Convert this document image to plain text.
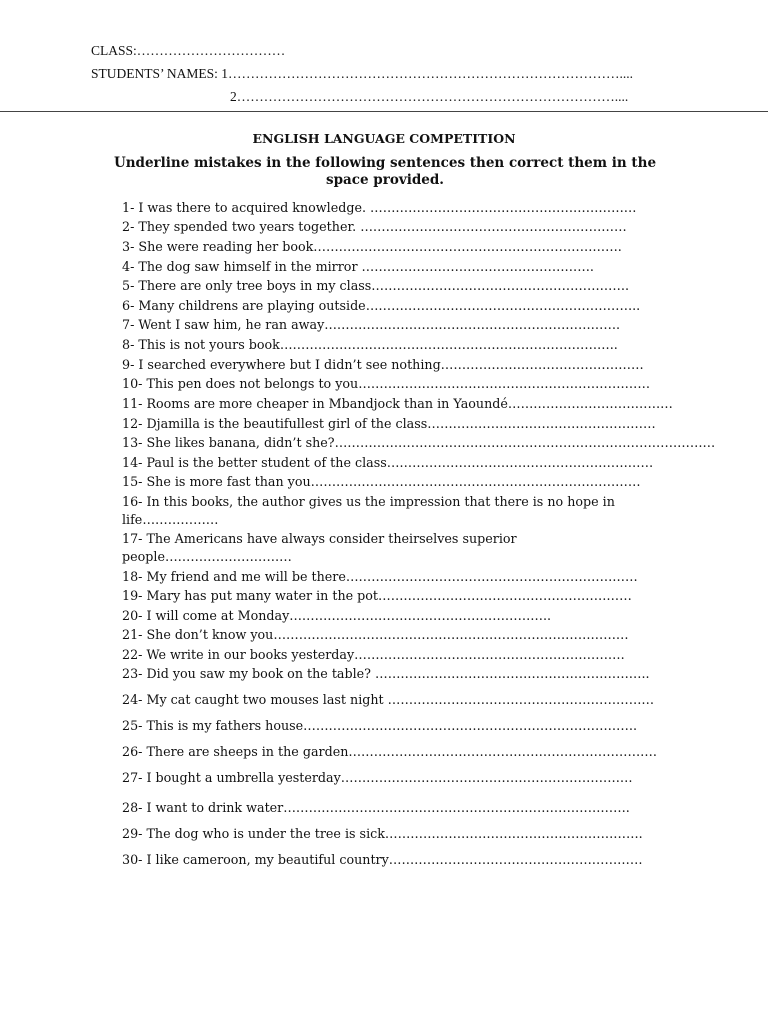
CLASS:……………………………
STUDENTS’ NAMES: 1……………………………………………………………………………....
2…………………………………………………………………………....
ENGLISH LANGUAGE COMPETITION
Underline mistakes in the following sentences then correct them in the space provided.
1- I was there to acquired knowledge. ………………………………………………………
2- They spended two years together. ………………………………………………………
3- She were reading her book……………………………………………………………….
4- The dog saw himself in the mirror ……………………………………………….
5- There are only tree boys in my class…………………………………………………….
6- Many childrens are playing outside………………………………………………………..
7- Went I saw him, he ran away…………………………………………………………….
8- This is not yours book……………………………………………………………………..
9- I searched everywhere but I didn’t see nothing…………………………………………
10- This pen does not belongs to you……………………………………………………………
11- Rooms are more cheaper in Mbandjock than in Yaoundé…………………………………
12- Djamilla is the beautifullest girl of the class………………………………………………
13- She likes banana, didn’t she?………………………………………………………………………………
14- Paul is the better student of the class………………………………………………………
15- She is more fast than you……………………………………………………………………
16- In this books, the author gives us the impression that there is no hope in life………………
17- The Americans have always consider theirselves superior people…………………………
18- My friend and me will be there……………………………………………………………
19- Mary has put many water in the pot……………………………………………………
20- I will come at Monday……………………………………………………..
21- She don’t know you…………………………………………………………………………
22- We write in our books yesterday……………………………………………………….
23- Did you saw my book on the table? ………………………………………………………..
24- My cat caught two mouses last night ………………………………………………………
25- This is my fathers house…………………………………………………………………….
26- There are sheeps in the garden……………………………………………………………….
27- I bought a umbrella yesterday……………………………………………………………
28- I want to drink water……………………………………………………………………….
29- The dog who is under the tree is sick…………………………………………………….
30- I like cameroon, my beautiful country……………………………………………………
